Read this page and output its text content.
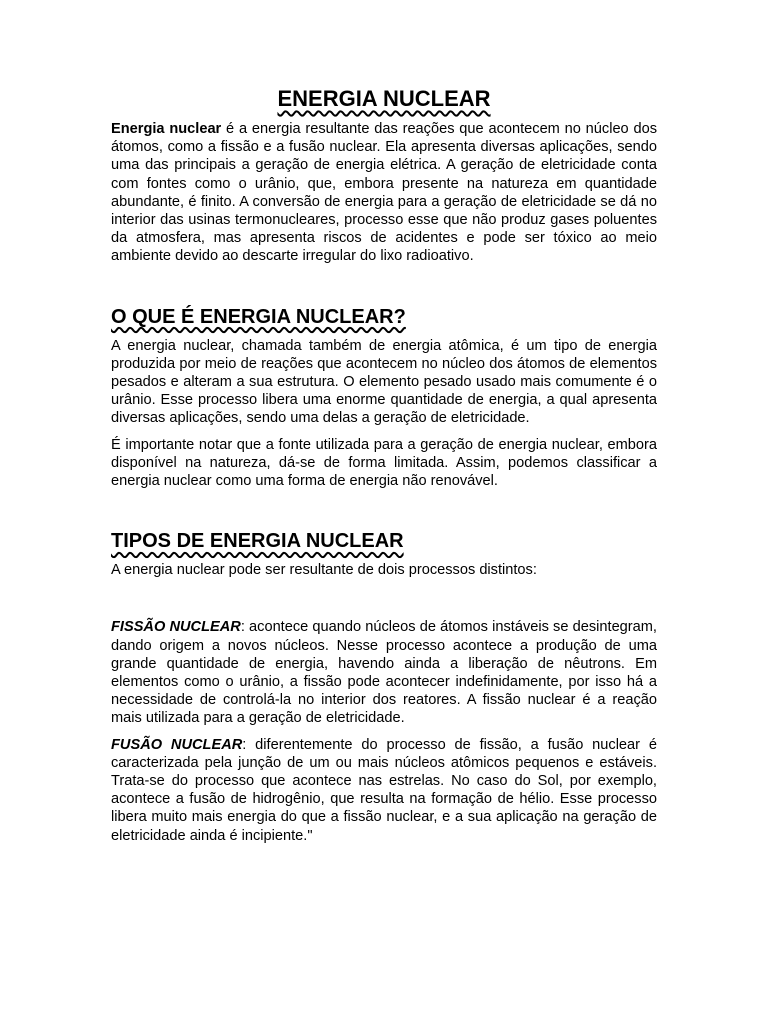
ENERGIA NUCLEAR

Energia nuclear é a energia resultante das reações que acontecem no núcleo dos átomos, como a fissão e a fusão nuclear. Ela apresenta diversas aplicações, sendo uma das principais a geração de energia elétrica. A geração de eletricidade conta com fontes como o urânio, que, embora presente na natureza em quantidade abundante, é finito. A conversão de energia para a geração de eletricidade se dá no interior das usinas termonucleares, processo esse que não produz gases poluentes da atmosfera, mas apresenta riscos de acidentes e pode ser tóxico ao meio ambiente devido ao descarte irregular do lixo radioativo.

O QUE É ENERGIA NUCLEAR?

A energia nuclear, chamada também de energia atômica, é um tipo de energia produzida por meio de reações que acontecem no núcleo dos átomos de elementos pesados e alteram a sua estrutura. O elemento pesado usado mais comumente é o urânio. Esse processo libera uma enorme quantidade de energia, a qual apresenta diversas aplicações, sendo uma delas a geração de eletricidade.

É importante notar que a fonte utilizada para a geração de energia nuclear, embora disponível na natureza, dá-se de forma limitada. Assim, podemos classificar a energia nuclear como uma forma de energia não renovável.

TIPOS DE ENERGIA NUCLEAR

A energia nuclear pode ser resultante de dois processos distintos:

FISSÃO NUCLEAR: acontece quando núcleos de átomos instáveis se desintegram, dando origem a novos núcleos. Nesse processo acontece a produção de uma grande quantidade de energia, havendo ainda a liberação de nêutrons. Em elementos como o urânio, a fissão pode acontecer indefinidamente, por isso há a necessidade de controlá-la no interior dos reatores. A fissão nuclear é a reação mais utilizada para a geração de eletricidade.

FUSÃO NUCLEAR: diferentemente do processo de fissão, a fusão nuclear é caracterizada pela junção de um ou mais núcleos atômicos pequenos e estáveis. Trata-se do processo que acontece nas estrelas. No caso do Sol, por exemplo, acontece a fusão de hidrogênio, que resulta na formação de hélio. Esse processo libera muito mais energia do que a fissão nuclear, e a sua aplicação na geração de eletricidade ainda é incipiente."
